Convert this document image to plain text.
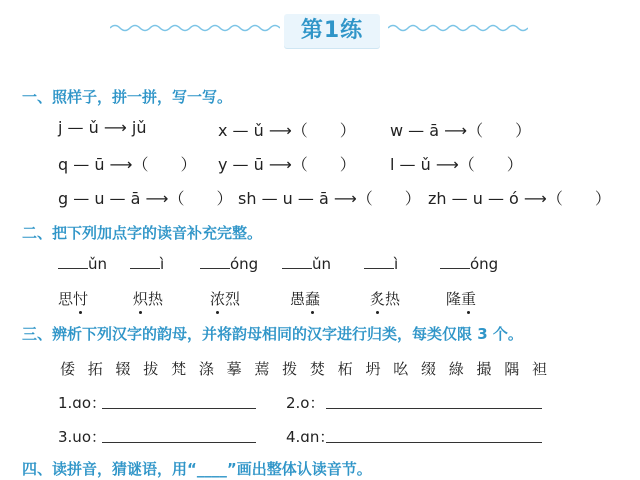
第1练
一、照样子，拼一拼，写一写。
j — ǔ ⟶ jǔ	x — ǔ ⟶（　　） w — ā ⟶（　　）
q — ū ⟶（　　） y — ū ⟶（　　） l — ǔ ⟶（　　）
g — u — ā ⟶（　　） sh — u — ā ⟶（　　） zh — u — ó ⟶（　　）
二、把下列加点字的读音补充完整。
ǔn	ì	óng	ǔn	ì	óng
思忖	炽热	浓烈	愚蠢	炙热	隆重
三、辨析下列汉字的韵母，并将韵母相同的汉字进行归类，每类仅限 3 个。
倭 拓 辍 拔 梵 涤 摹 蔫 拨 焚 柘 坍 吆 缀 綠 撮 隅 袒
1.ɑo：	2.o：
3.uo：	4.ɑn：
四、读拼音，猜谜语，用“____”画出整体认读音节。
